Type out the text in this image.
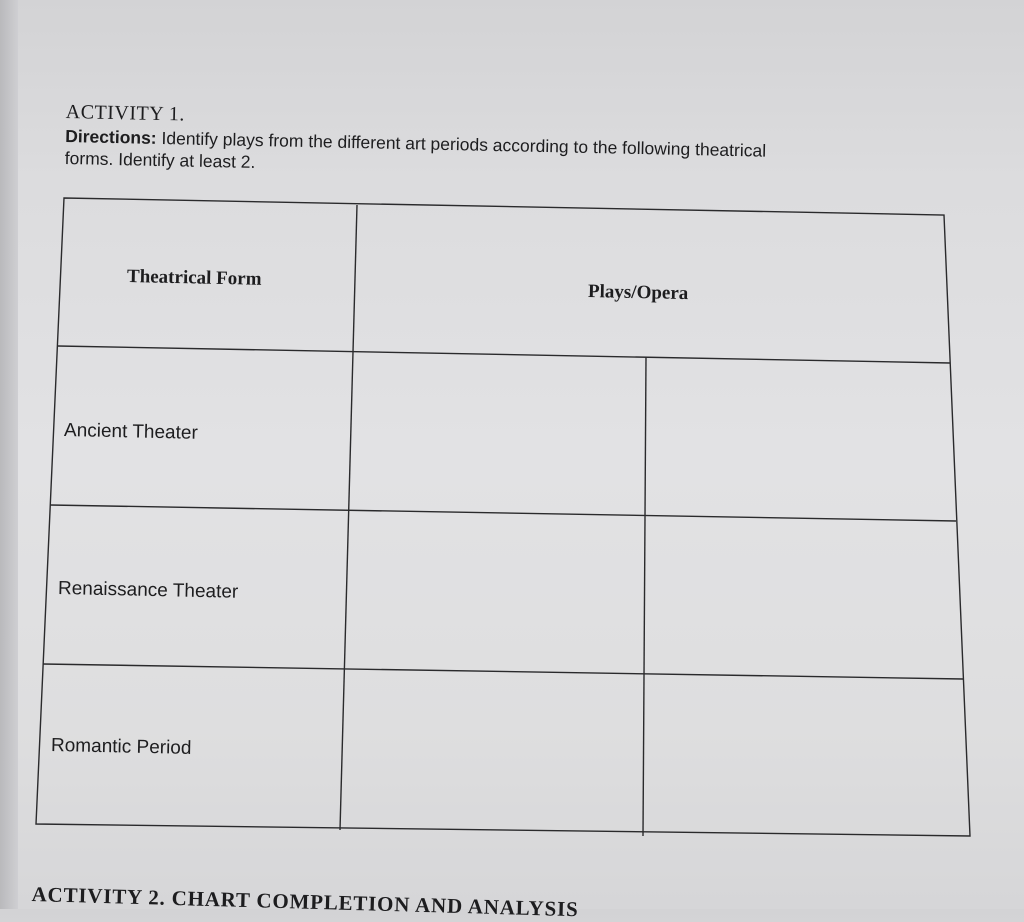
ACTIVITY 1.
Directions: Identify plays from the different art periods according to the following theatrical
forms. Identify at least 2.
Theatrical Form
Plays/Opera
Ancient Theater
Renaissance Theater
Romantic Period
ACTIVITY 2. CHART COMPLETION AND ANALYSIS
